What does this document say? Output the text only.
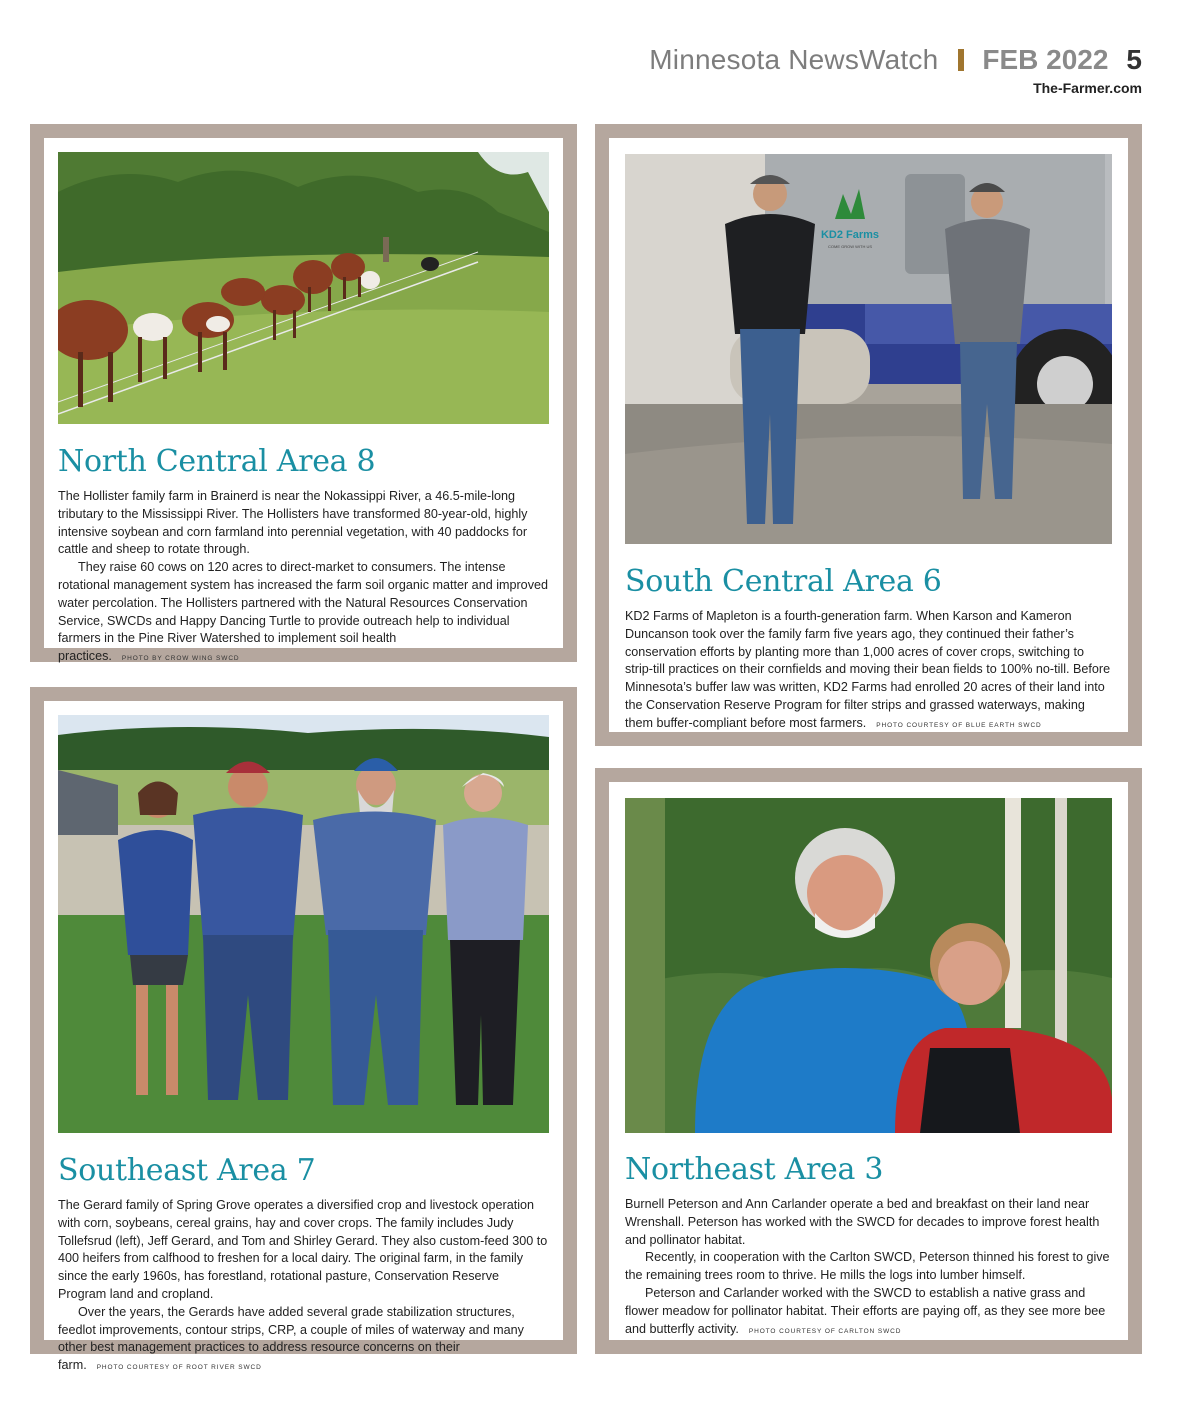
Minnesota NewsWatch FEB 2022 5
The-Farmer.com
North Central Area 8

The Hollister family farm in Brainerd is near the Nokassippi River, a 46.5-mile-long tributary to the Mississippi River. The Hollisters have transformed 80-year-old, highly intensive soybean and corn farmland into perennial vegetation, with 40 paddocks for cattle and sheep to rotate through.

They raise 60 cows on 120 acres to direct-market to consumers. The intense rotational management system has increased the farm soil organic matter and improved water percolation. The Hollisters partnered with the Natural Resources Conservation Service, SWCDs and Happy Dancing Turtle to provide outreach help to individual farmers in the Pine River Watershed to implement soil health practices. PHOTO BY CROW WING SWCD

KD2 Farms
COME GROW WITH US
South Central Area 6

KD2 Farms of Mapleton is a fourth-generation farm. When Karson and Kameron Duncanson took over the family farm five years ago, they continued their father’s conservation efforts by planting more than 1,000 acres of cover crops, switching to strip-till practices on their cornfields and moving their bean fields to 100% no-till. Before Minnesota’s buffer law was written, KD2 Farms had enrolled 20 acres of their land into the Conservation Reserve Program for filter strips and grassed waterways, making them buffer-compliant before most farmers. PHOTO COURTESY OF BLUE EARTH SWCD

Southeast Area 7

The Gerard family of Spring Grove operates a diversified crop and livestock operation with corn, soybeans, cereal grains, hay and cover crops. The family includes Judy Tollefsrud (left), Jeff Gerard, and Tom and Shirley Gerard. They also custom-feed 300 to 400 heifers from calfhood to freshen for a local dairy. The original farm, in the family since the early 1960s, has forestland, rotational pasture, Conservation Reserve Program land and cropland.

Over the years, the Gerards have added several grade stabilization structures, feedlot improvements, contour strips, CRP, a couple of miles of waterway and many other best management practices to address resource concerns on their farm. PHOTO COURTESY OF ROOT RIVER SWCD

Northeast Area 3

Burnell Peterson and Ann Carlander operate a bed and breakfast on their land near Wrenshall. Peterson has worked with the SWCD for decades to improve forest health and pollinator habitat.

Recently, in cooperation with the Carlton SWCD, Peterson thinned his forest to give the remaining trees room to thrive. He mills the logs into lumber himself.

Peterson and Carlander worked with the SWCD to establish a native grass and flower meadow for pollinator habitat. Their efforts are paying off, as they see more bee and butterfly activity. PHOTO COURTESY OF CARLTON SWCD
